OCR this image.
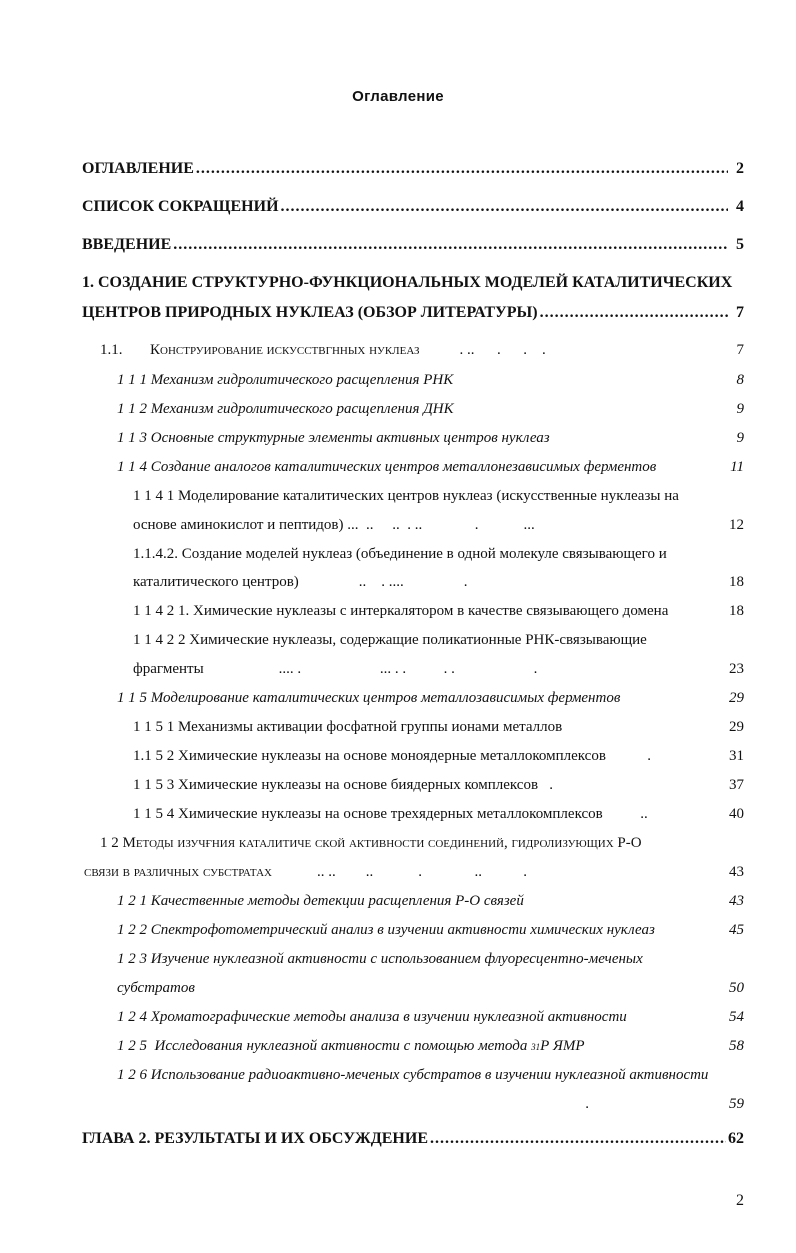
Оглавление
ОГЛАВЛЕНИЕ .....	2
СПИСОК СОКРАЩЕНИЙ .....	4
ВВЕДЕНИЕ .....	5
1. СОЗДАНИЕ СТРУКТУРНО-ФУНКЦИОНАЛЬНЫХ МОДЕЛЕЙ КАТАЛИТИЧЕСКИХ
ЦЕНТРОВ ПРИРОДНЫХ НУКЛЕАЗ (ОБЗОР ЛИТЕРАТУРЫ) .....	7
1.1.	Конструирование искусствгнных нуклеаз	. ..      .      .    .	7
1 1 1 Механизм гидролитического расщепления РНК	8
1 1 2 Механизм гидролитического расщепления ДНК	9
1 1 3 Основные структурные элементы активных центров нуклеаз	9
1 1 4 Создание аналогов каталитических центров металлонезависимых ферментов	11
1 1 4 1 Моделирование каталитических центров нуклеаз (искусственные нуклеазы на
основе аминокислот и пептидов) ...  ..     ..  . ..              .            ...	12
1.1.4.2. Создание моделей нуклеаз (объединение в одной молекуле связывающего и
каталитического центров) ..    . ....                .	18
1 1 4 2 1. Химические нуклеазы с интеркалятором в качестве связывающего домена	18
1 1 4 2 2 Химические нуклеазы, содержащие поликатионные РНК-связывающие
фрагменты .... .                     ... . .          . .                     .	23
1 1 5 Моделирование каталитических центров металлозависимых ферментов	29
1 1 5 1 Механизмы активации фосфатной группы ионами металлов	29
1.1 5 2 Химические нуклеазы на основе моноядерные металлокомплексов .	31
1 1 5 3 Химические нуклеазы на основе биядерных комплексов .	37
1 1 5 4 Химические нуклеазы на основе трехядерных металлокомплексов ..	40
1 2 Методы изучғния каталитиче ской активности соединений, гидролизующих Р-О
связи в различных субстратах .. ..        ..            .              ..           .	43
1 2 1 Качественные методы детекции расщепления Р-О связей	43
1 2 2 Спектрофотометрический анализ в изучении активности химических нуклеаз	45
1 2 3 Изучение нуклеазной активности с использованием флуоресцентно-меченых
субстратов	50
1 2 4 Хроматографические методы анализа в изучении нуклеазной активности	54
1 2 5  Исследования нуклеазной активности с помощью метода 31 Р ЯМР	58
1 2 6 Использование радиоактивно-меченых субстратов в изучении нуклеазной активности
.	59
ГЛАВА 2. РЕЗУЛЬТАТЫ И ИХ ОБСУЖДЕНИЕ .....	62
2
